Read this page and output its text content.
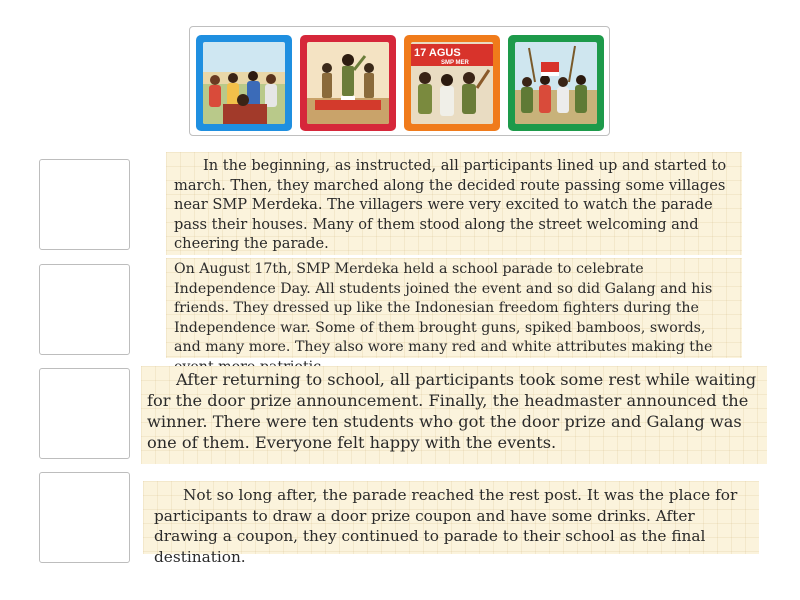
17 AGUS
SMP MER

In the beginning, as instructed, all participants lined up and started to march. Then, they marched along the decided route passing some villages near SMP Merdeka. The villagers were very excited to watch the parade pass their houses. Many of them stood along the street welcoming and cheering the parade.

On August 17th, SMP Merdeka held a school parade to celebrate Independence Day. All students joined the event and so did Galang and his friends. They dressed up like the Indonesian freedom fighters during the Independence war. Some of them brought guns, spiked bamboos, swords, and many more. They also wore many red and white attributes making the

After returning to school, all participants took some rest while waiting for the door prize announcement. Finally, the headmaster announced the winner. There were ten students who got the door prize and Galang was one of them. Everyone felt happy with the events.

Not so long after, the parade reached the rest post. It was the place for participants to draw a door prize coupon and have some drinks. After drawing a coupon, they continued to parade to their school as the final destination.
